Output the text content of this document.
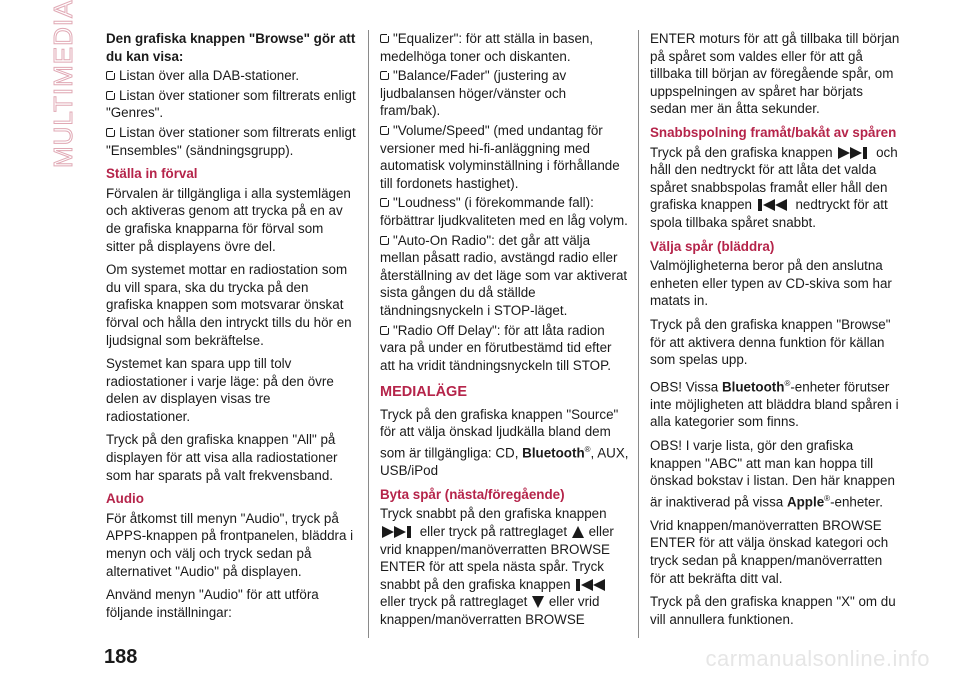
MULTIMEDIA Den grafiska knappen "Browse" gör att du kan visa:

Listan över alla DAB-stationer.

Listan över stationer som filtrerats enligt "Genres".

Listan över stationer som filtrerats enligt "Ensembles" (sändningsgrupp).

Ställa in förval

Förvalen är tillgängliga i alla systemlägen och aktiveras genom att trycka på en av de grafiska knapparna för förval som sitter på displayens övre del.

Om systemet mottar en radiostation som du vill spara, ska du trycka på den grafiska knappen som motsvarar önskat förval och hålla den intryckt tills du hör en ljudsignal som bekräftelse.

Systemet kan spara upp till tolv radiostationer i varje läge: på den övre delen av displayen visas tre radiostationer.

Tryck på den grafiska knappen "All" på displayen för att visa alla radiostationer som har sparats på valt frekvensband.

Audio

För åtkomst till menyn "Audio", tryck på APPS-knappen på frontpanelen, bläddra i menyn och välj och tryck sedan på alternativet "Audio" på displayen.

Använd menyn "Audio" för att utföra följande inställningar:

"Equalizer": för att ställa in basen, medelhöga toner och diskanten.

"Balance/Fader" (justering av ljudbalansen höger/vänster och fram/bak).

"Volume/Speed" (med undantag för versioner med hi-fi-anläggning med automatisk volyminställning i förhållande till fordonets hastighet).

"Loudness" (i förekommande fall): förbättrar ljudkvaliteten med en låg volym.

"Auto-On Radio": det går att välja mellan påsatt radio, avstängd radio eller återställning av det läge som var aktiverat sista gången du då ställde tändningsnyckeln i STOP-läget.

"Radio Off Delay": för att låta radion vara på under en förutbestämd tid efter att ha vridit tändningsnyckeln till STOP.

MEDIALÄGE

Tryck på den grafiska knappen "Source" för att välja önskad ljudkälla bland dem som är tillgängliga: CD, Bluetooth®, AUX, USB/iPod

Byta spår (nästa/föregående)

Tryck snabbt på den grafiska knappen  eller tryck på rattreglaget eller vrid knappen/manöverratten BROWSE ENTER för att spela nästa spår. Tryck snabbt på den grafiska knappen  eller tryck på rattreglaget eller vrid knappen/manöverratten BROWSE

ENTER moturs för att gå tillbaka till början på spåret som valdes eller för att gå tillbaka till början av föregående spår, om uppspelningen av spåret har börjats sedan mer än åtta sekunder.

Snabbspolning framåt/bakåt av spåren

Tryck på den grafiska knappen	och håll den nedtryckt för att låta det valda spåret snabbspolas framåt eller håll den grafiska knappen	nedtryckt för att spola tillbaka spåret snabbt.

Välja spår (bläddra)

Valmöjligheterna beror på den anslutna enheten eller typen av CD-skiva som har matats in.

Tryck på den grafiska knappen "Browse" för att aktivera denna funktion för källan som spelas upp.

OBS! Vissa Bluetooth®-enheter förutser inte möjligheten att bläddra bland spåren i alla kategorier som finns.

OBS! I varje lista, gör den grafiska knappen "ABC" att man kan hoppa till önskad bokstav i listan. Den här knappen är inaktiverad på vissa Apple®-enheter.

Vrid knappen/manöverratten BROWSE ENTER för att välja önskad kategori och tryck sedan på knappen/manöverratten för att bekräfta ditt val.

Tryck på den grafiska knappen "X" om du vill annullera funktionen.

188	carmanualsonline.info
